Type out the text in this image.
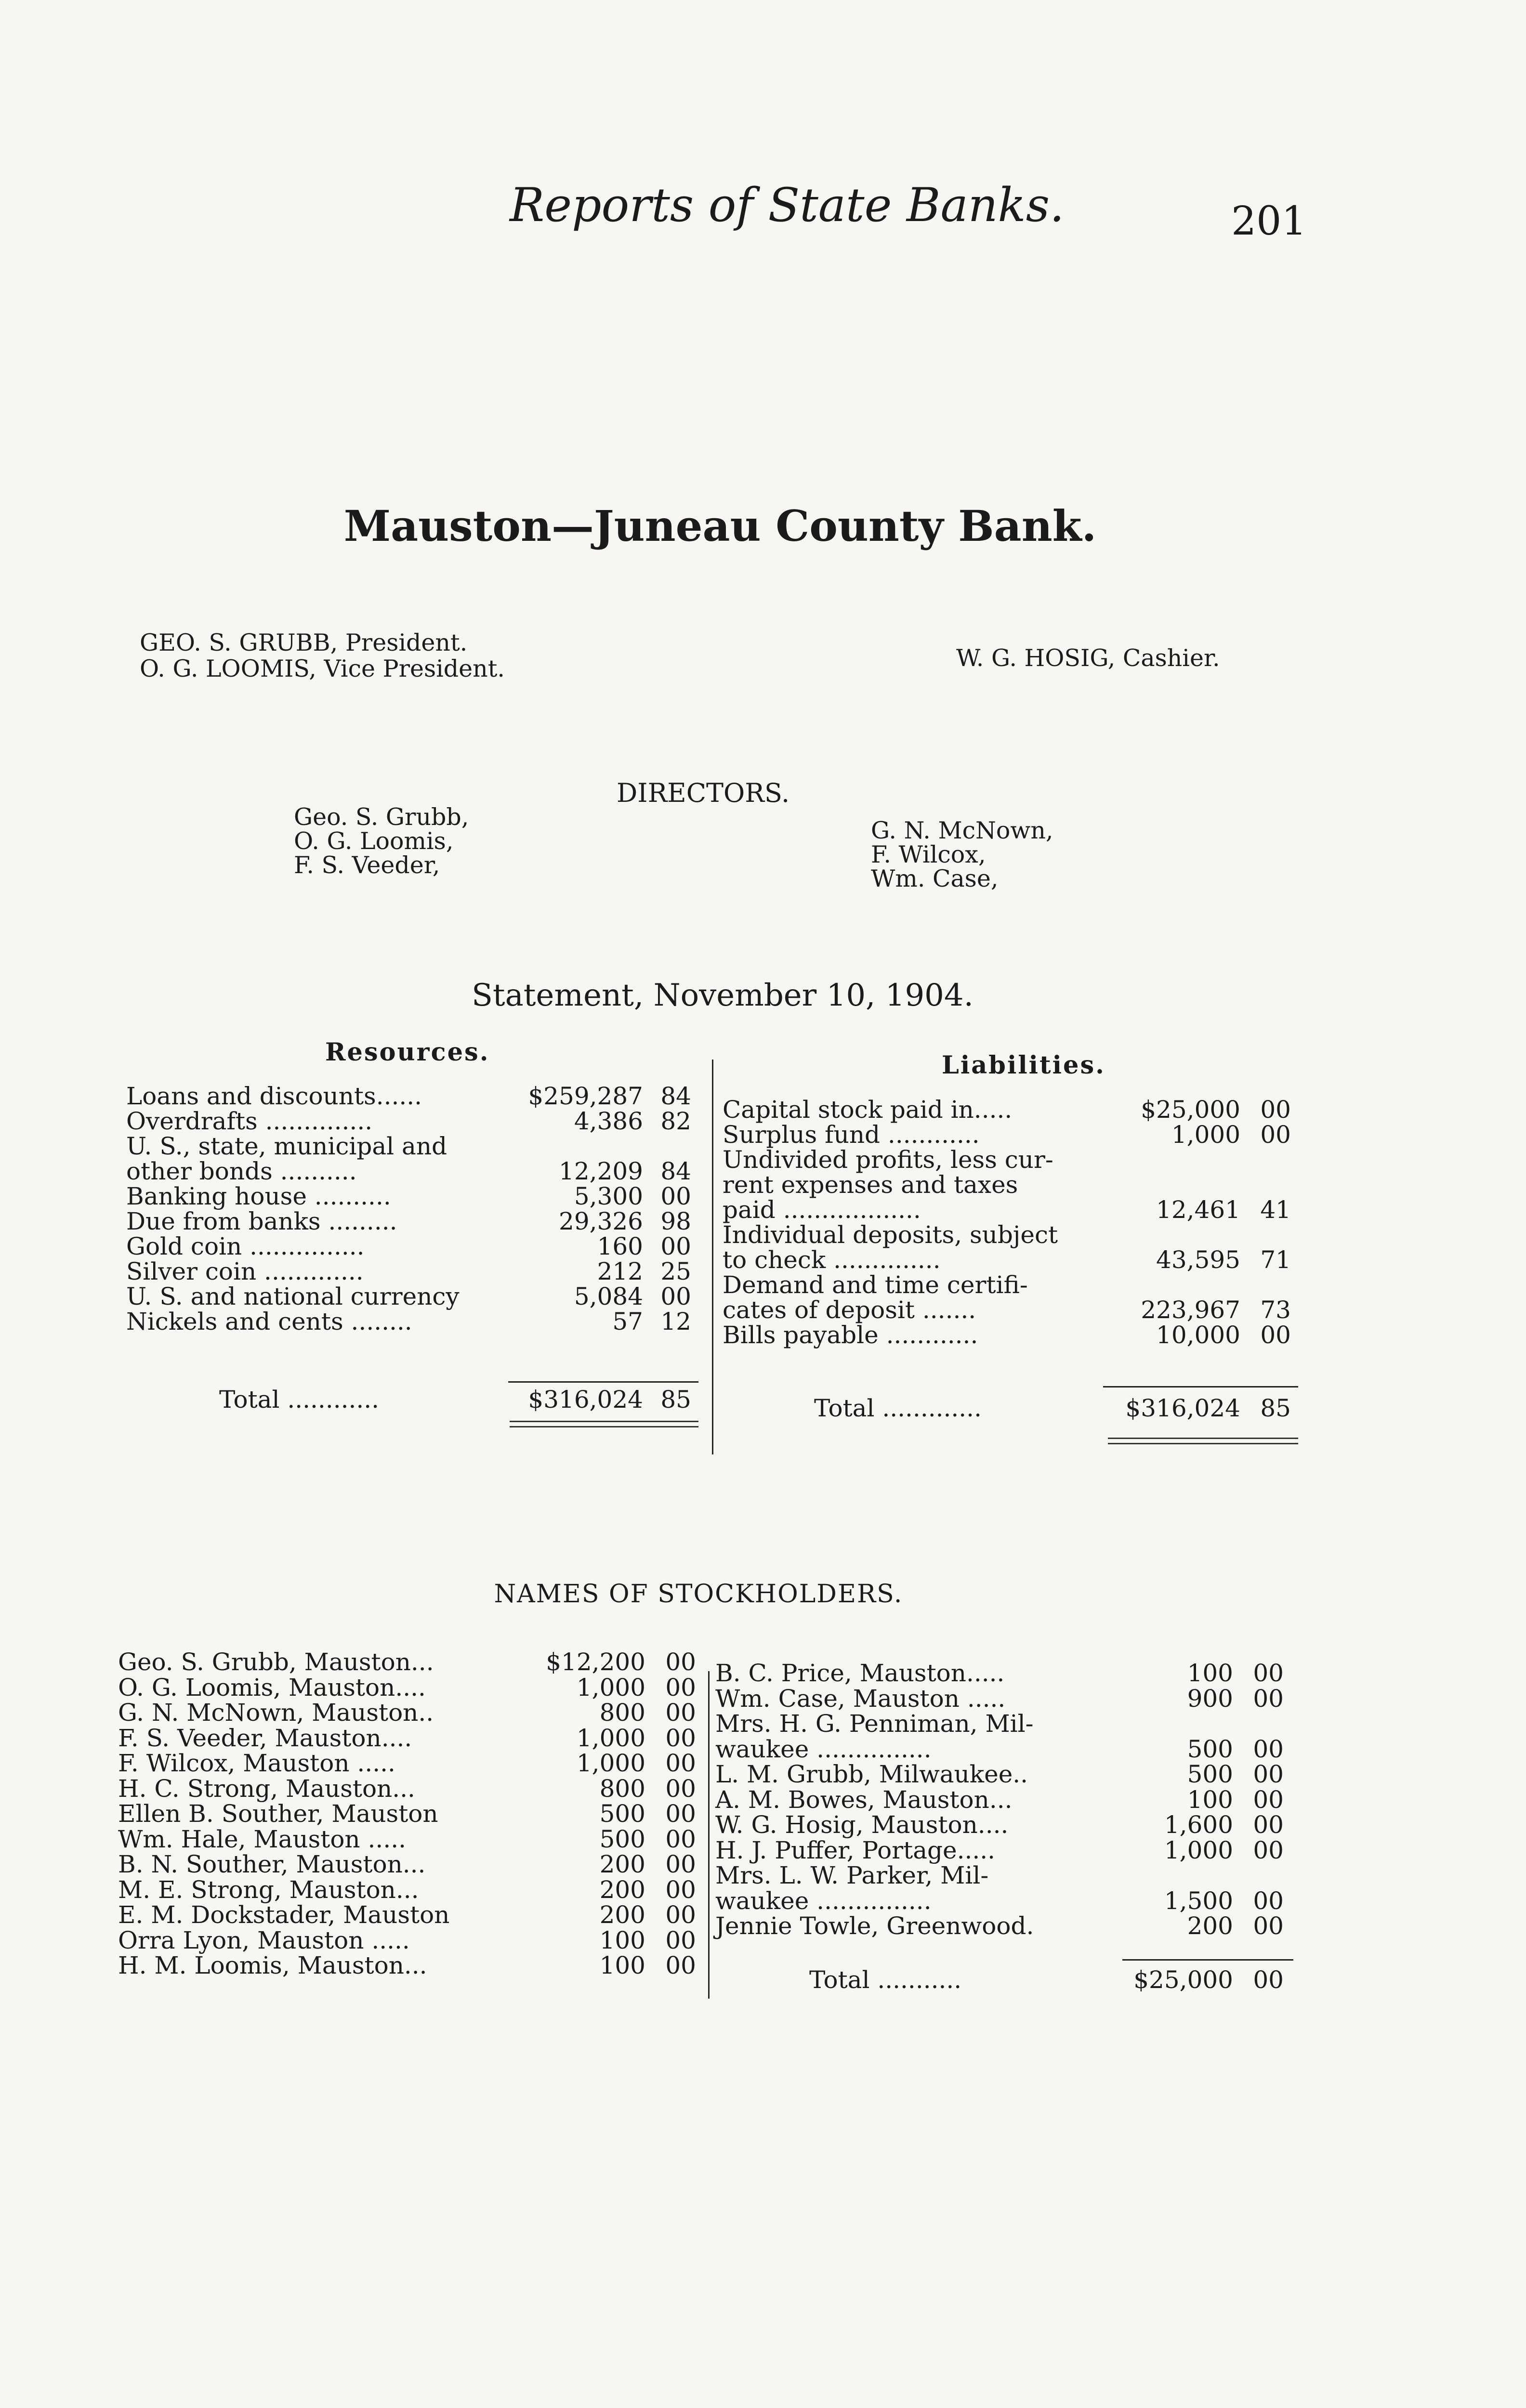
Reports of State Banks.	201
Mauston—Juneau County Bank.
GEO. S. GRUBB, President.
O. G. LOOMIS, Vice President.	W. G. HOSIG, Cashier.
DIRECTORS.
Geo. S. Grubb,
O. G. Loomis,
F. S. Veeder,
G. N. McNown,
F. Wilcox,
Wm. Case,
Statement, November 10, 1904.
Resources.	Liabilities.
Loans and discounts......	$259,287 84
Overdrafts ..............	4,386 82
U. S., state, municipal and
other bonds ..........	12,209 84
Banking house ..........	5,300 00
Due from banks .........	29,326 98
Gold coin ...............	160 00
Silver coin .............	212 25
U. S. and national currency	5,084 00
Nickels and cents ........	57 12
Capital stock paid in.....	$25,000 00
Surplus fund ............	1,000 00
Undivided profits, less cur-
rent expenses and taxes
paid ..................	12,461 41
Individual deposits, subject
to check ..............	43,595 71
Demand and time certifi-
cates of deposit .......	223,967 73
Bills payable ............	10,000 00
Total ............	$316,024 85	Total .............	$316,024 85
NAMES OF STOCKHOLDERS.
Geo. S. Grubb, Mauston...	$12,200 00
O. G. Loomis, Mauston....	1,000 00
G. N. McNown, Mauston..	800 00
F. S. Veeder, Mauston....	1,000 00
F. Wilcox, Mauston .....	1,000 00
H. C. Strong, Mauston...	800 00
Ellen B. Souther, Mauston	500 00
Wm. Hale, Mauston .....	500 00
B. N. Souther, Mauston...	200 00
M. E. Strong, Mauston...	200 00
E. M. Dockstader, Mauston	200 00
Orra Lyon, Mauston .....	100 00
H. M. Loomis, Mauston...	100 00
B. C. Price, Mauston.....	100 00
Wm. Case, Mauston .....	900 00
Mrs. H. G. Penniman, Mil-
waukee ...............	500 00
L. M. Grubb, Milwaukee..	500 00
A. M. Bowes, Mauston...	100 00
W. G. Hosig, Mauston....	1,600 00
H. J. Puffer, Portage.....	1,000 00
Mrs. L. W. Parker, Mil-
waukee ...............	1,500 00
Jennie Towle, Greenwood.	200 00
Total ...........	$25,000 00
